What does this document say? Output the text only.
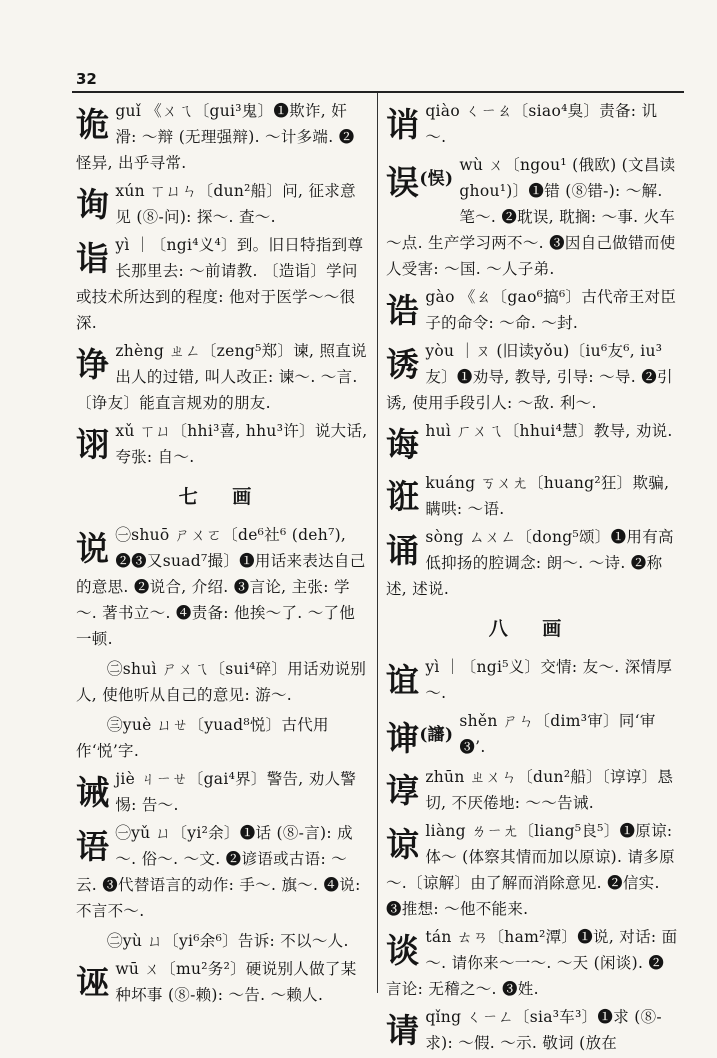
32
诡 guǐ 《ㄨㄟ〔gui³鬼〕❶欺诈, 奸滑: ～辩 (无理强辩). ～计多端. ❷怪异, 出乎寻常.
询 xún ㄒㄩㄣ〔dun²船〕问, 征求意见 (⑧-问): 探～. 查～.
诣 yì ｜〔ngi⁴义⁴〕到。旧日特指到尊长那里去: ～前请教. 〔造诣〕学问或技术所达到的程度: 他对于医学～～很深.
诤 zhèng ㄓㄥ〔zeng⁵郑〕谏, 照直说出人的过错, 叫人改正: 谏～. ～言.〔诤友〕能直言规劝的朋友.
诩 xǔ ㄒㄩ〔hhi³喜, hhu³许〕说大话, 夸张: 自～.
七 画
说 ㊀shuō ㄕㄨㄛ〔de⁶社⁶ (deh⁷), ❷❸又suad⁷撮〕❶用话来表达自己的意思. ❷说合, 介绍. ❸言论, 主张: 学～. 著书立～. ❹责备: 他挨～了. ～了他一顿.
㊁shuì ㄕㄨㄟ〔sui⁴碎〕用话劝说别人, 使他听从自己的意见: 游～.
㊂yuè ㄩㄝ〔yuad⁸悦〕古代用作‘悦’字.
诫 jiè ㄐㄧㄝ〔gai⁴界〕警告, 劝人警惕: 告～.
语 ㊀yǔ ㄩ〔yi²余〕❶话 (⑧-言): 成～. 俗～. ～文. ❷谚语或古语: ～云. ❸代替语言的动作: 手～. 旗～. ❹说: 不言不～.
㊁yù ㄩ〔yi⁶余⁶〕告诉: 不以～人.
诬 wū ㄨ〔mu²务²〕硬说别人做了某种坏事 (⑧-赖): ～告. ～赖人.
诮 qiào ㄑㄧㄠ〔siao⁴臭〕责备: 讥～.
误$^{(悮)}$
wù ㄨ〔ngou¹ (俄欧) (文昌读ghou¹)〕❶错 (⑧错-): ～解. 笔～. ❷耽误, 耽搁: ～事. 火车～点. 生产学习两不～. ❸因自己做错而使人受害: ～国. ～人子弟.
诰 gào 《ㄠ〔gao⁶搞⁶〕古代帝王对臣子的命令: ～命. ～封.
诱 yòu ｜ㄡ (旧读yǒu)〔iu⁶友⁶, iu³友〕❶劝导, 教导, 引导: ～导. ❷引诱, 使用手段引人: ～敌. 利～.
诲 huì ㄏㄨㄟ〔hhui⁴慧〕教导, 劝说.
诳 kuáng ㄎㄨㄤ〔huang²狂〕欺骗, 瞒哄: ～语.
诵 sòng ㄙㄨㄥ〔dong⁵颂〕❶用有高低抑扬的腔调念: 朗～. ～诗. ❷称述, 述说.
八 画
谊 yì ｜〔ngi⁵义〕交情: 友～. 深情厚～.
谉$^{(讅)}$
shěn ㄕㄣ〔dim³审〕同‘审❸’.
谆 zhūn ㄓㄨㄣ〔dun²船〕〔谆谆〕恳切, 不厌倦地: ～～告诫.
谅 liàng ㄌㄧㄤ〔liang⁵良⁵〕❶原谅: 体～ (体察其情而加以原谅). 请多原～.〔谅解〕由了解而消除意见. ❷信实. ❸推想: ～他不能来.
谈 tán ㄊㄢ〔ham²潭〕❶说, 对话: 面～. 请你来～一～. ～天 (闲谈). ❷言论: 无稽之～. ❸姓.
请 qǐng ㄑㄧㄥ〔sia³车³〕❶求 (⑧-求): ～假. ～示. 敬词 (放在
